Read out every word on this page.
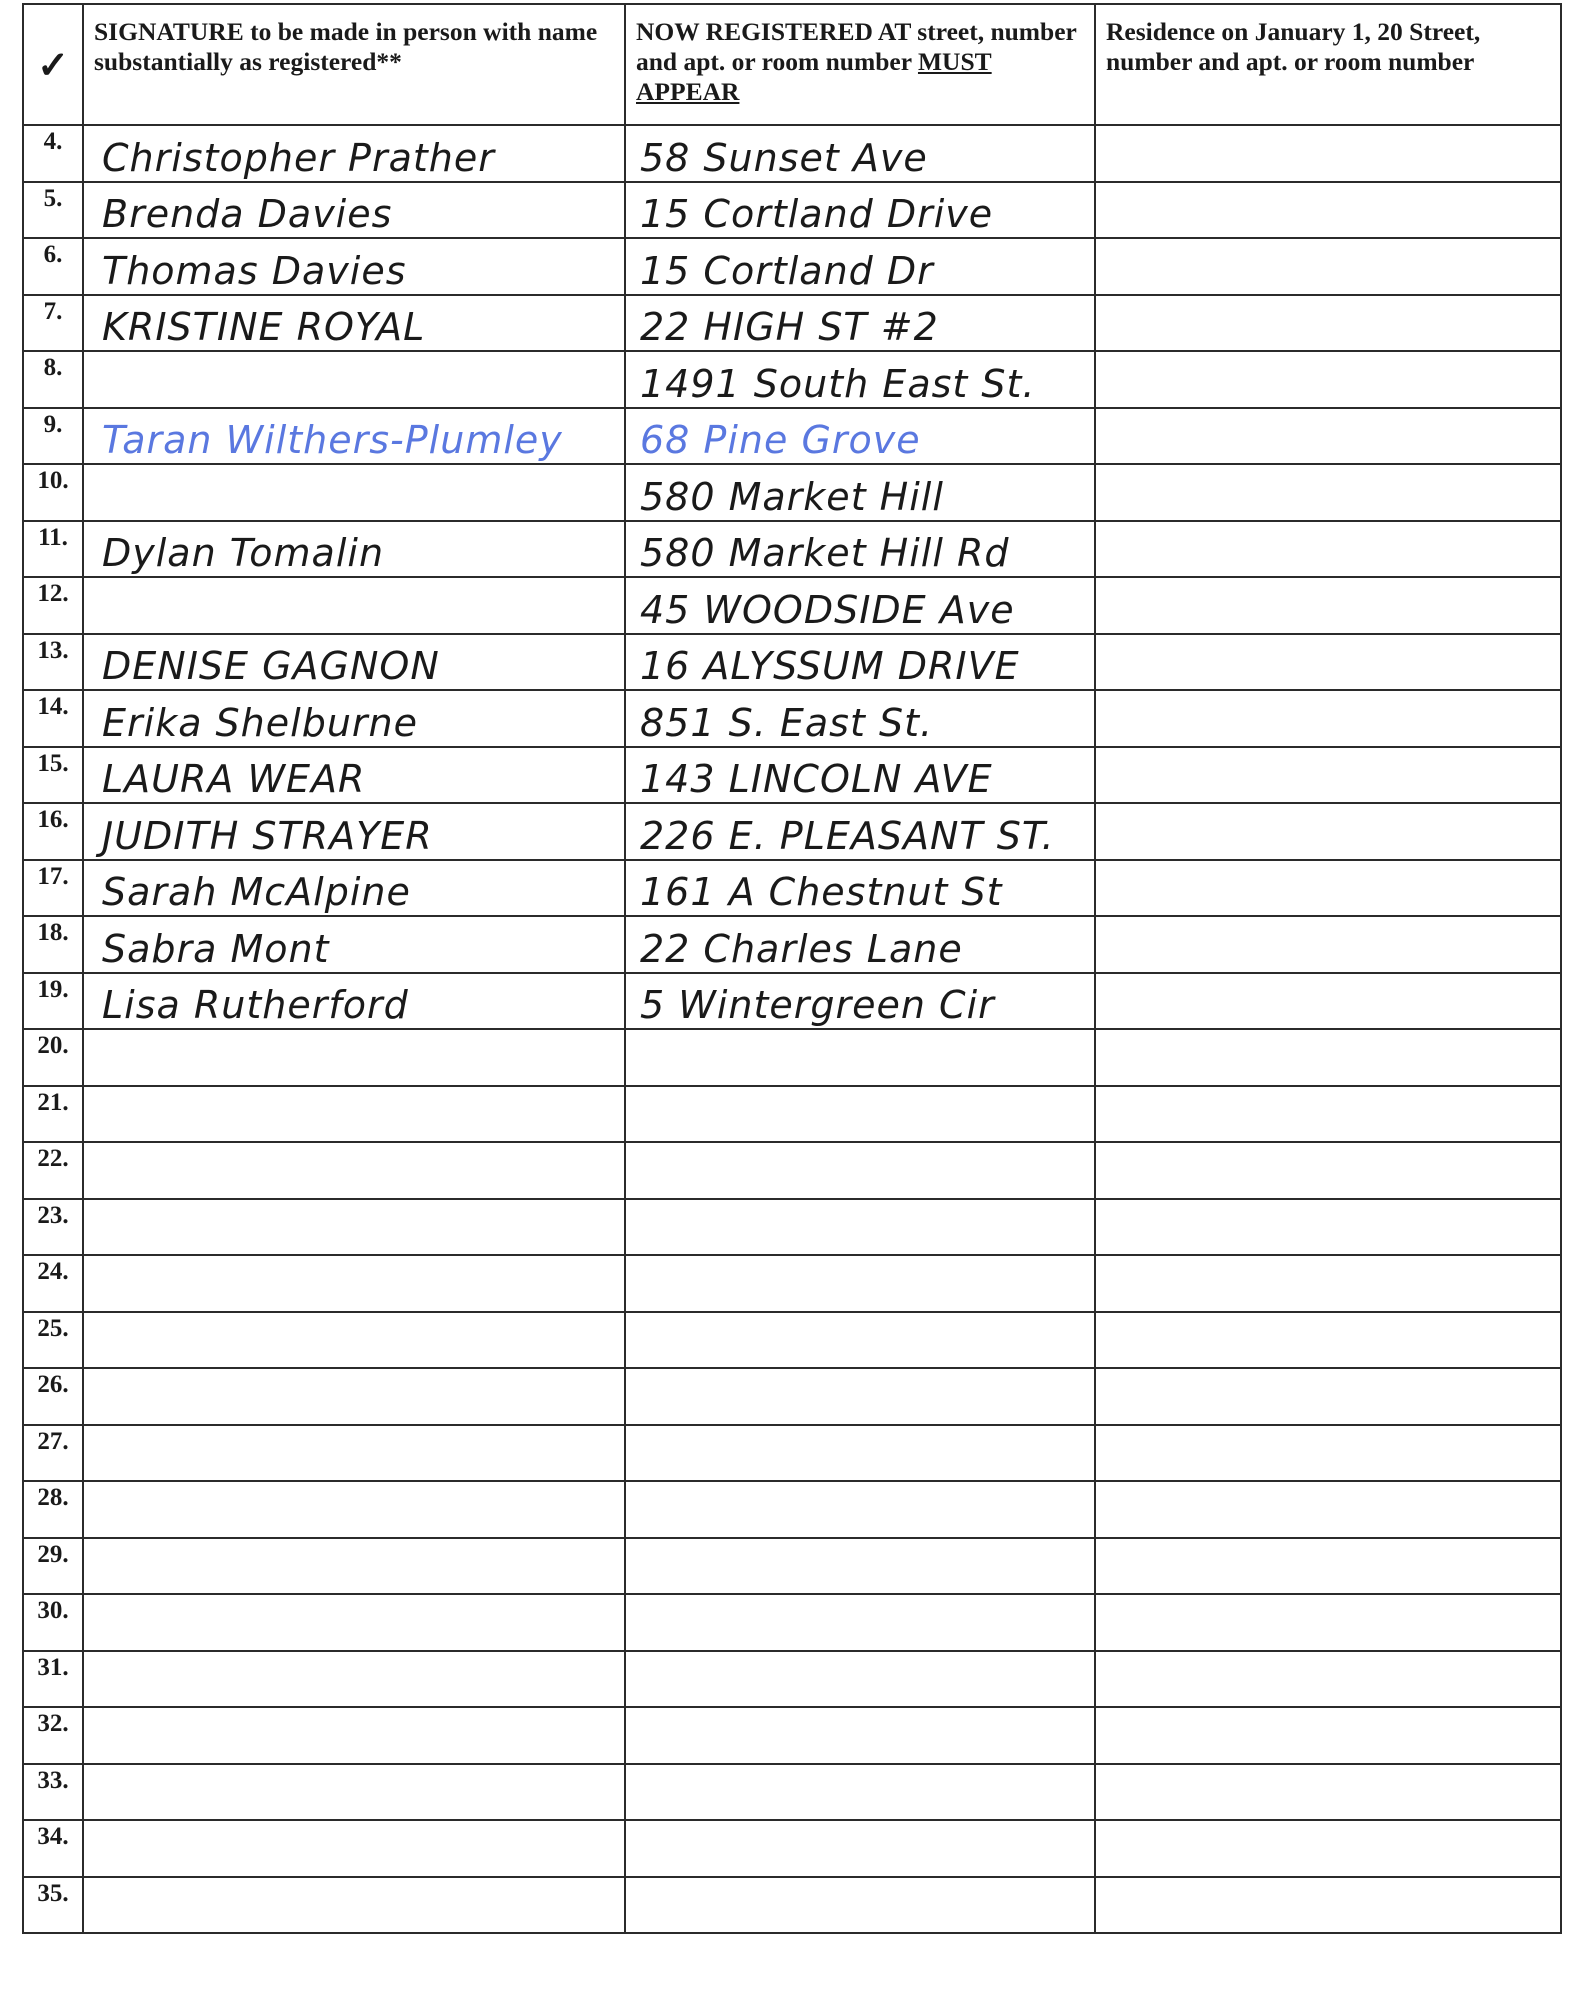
✓	SIGNATURE to be made in person with name substantially as registered**	NOW REGISTERED AT street, number and apt. or room number MUST APPEAR	Residence on January 1, 20 Street, number and apt. or room number
4.	Christopher Prather	58 Sunset Ave	

5.	Brenda Davies	15 Cortland Drive	

6.	Thomas Davies	15 Cortland Dr	

7.	KRISTINE ROYAL	22 HIGH ST #2	

8.		1491 South East St.	

9.	Taran Wilthers-Plumley	68 Pine Grove	

10.		580 Market Hill	

11.	Dylan Tomalin	580 Market Hill Rd	

12.		45 WOODSIDE Ave	

13.	DENISE GAGNON	16 ALYSSUM DRIVE	

14.	Erika Shelburne	851 S. East St.	

15.	LAURA WEAR	143 LINCOLN AVE	

16.	JUDITH STRAYER	226 E. PLEASANT ST.	

17.	Sarah McAlpine	161 A Chestnut St	

18.	Sabra Mont	22 Charles Lane	

19.	Lisa Rutherford	5 Wintergreen Cir	

20.	

21.	

22.	

23.	

24.	

25.	

26.	

27.	

28.	

29.	

30.	

31.	

32.	

33.	

34.	

35.	
